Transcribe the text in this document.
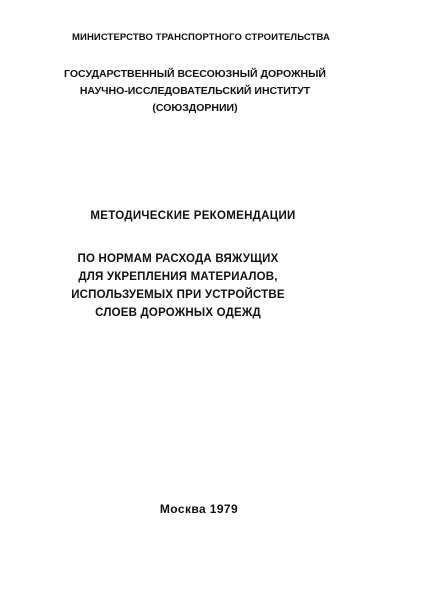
МИНИСТЕРСТВО ТРАНСПОРТНОГО СТРОИТЕЛЬСТВА
ГОСУДАРСТВЕННЫЙ ВСЕСОЮЗНЫЙ ДОРОЖНЫЙ
НАУЧНО-ИССЛЕДОВАТЕЛЬСКИЙ ИНСТИТУТ
(СОЮЗДОРНИИ)
МЕТОДИЧЕСКИЕ РЕКОМЕНДАЦИИ
ПО НОРМАМ РАСХОДА ВЯЖУЩИХ
ДЛЯ УКРЕПЛЕНИЯ МАТЕРИАЛОВ,
ИСПОЛЬЗУЕМЫХ ПРИ УСТРОЙСТВЕ
СЛОЕВ ДОРОЖНЫХ ОДЕЖД
Москва 1979
